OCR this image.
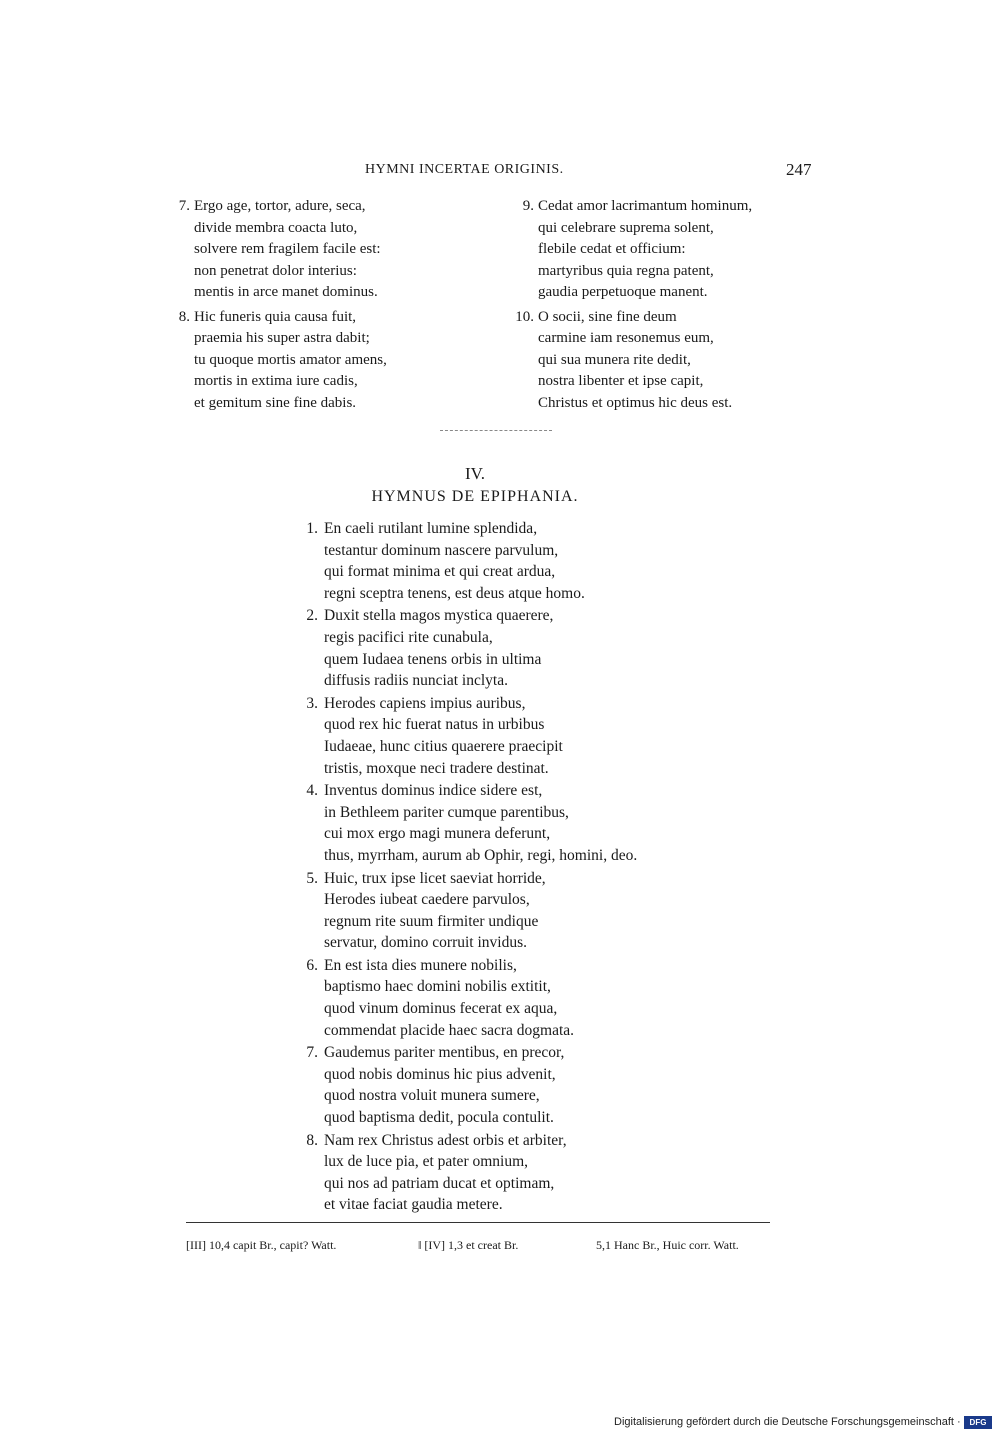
HYMNI INCERTAE ORIGINIS.	247
7. Ergo age, tortor, adure, seca,
divide membra coacta luto,
solvere rem fragilem facile est:
non penetrat dolor interius:
mentis in arce manet dominus.
8. Hic funeris quia causa fuit,
praemia his super astra dabit;
tu quoque mortis amator amens,
mortis in extima iure cadis,
et gemitum sine fine dabis.
9. Cedat amor lacrimantum hominum,
qui celebrare suprema solent,
flebile cedat et officium:
martyribus quia regna patent,
gaudia perpetuoque manent.
10. O socii, sine fine deum
carmine iam resonemus eum,
qui sua munera rite dedit,
nostra libenter et ipse capit,
Christus et optimus hic deus est.
IV.
HYMNUS DE EPIPHANIA.
1. En caeli rutilant lumine splendida,
testantur dominum nascere parvulum,
qui format minima et qui creat ardua,
regni sceptra tenens, est deus atque homo.
2. Duxit stella magos mystica quaerere,
regis pacifici rite cunabula,
quem Iudaea tenens orbis in ultima
diffusis radiis nunciat inclyta.
3. Herodes capiens impius auribus,
quod rex hic fuerat natus in urbibus
Iudaeae, hunc citius quaerere praecipit
tristis, moxque neci tradere destinat.
4. Inventus dominus indice sidere est,
in Bethleem pariter cumque parentibus,
cui mox ergo magi munera deferunt,
thus, myrrham, aurum ab Ophir, regi, homini, deo.
5. Huic, trux ipse licet saeviat horride,
Herodes iubeat caedere parvulos,
regnum rite suum firmiter undique
servatur, domino corruit invidus.
6. En est ista dies munere nobilis,
baptismo haec domini nobilis extitit,
quod vinum dominus fecerat ex aqua,
commendat placide haec sacra dogmata.
7. Gaudemus pariter mentibus, en precor,
quod nobis dominus hic pius advenit,
quod nostra voluit munera sumere,
quod baptisma dedit, pocula contulit.
8. Nam rex Christus adest orbis et arbiter,
lux de luce pia, et pater omnium,
qui nos ad patriam ducat et optimam,
et vitae faciat gaudia metere.
[III] 10,4 capit Br., capit? Watt.	‖ [IV] 1,3 et creat Br.	5,1 Hanc Br., Huic corr. Watt.
Digitalisierung gefördert durch die Deutsche Forschungsgemeinschaft ·	DFG
